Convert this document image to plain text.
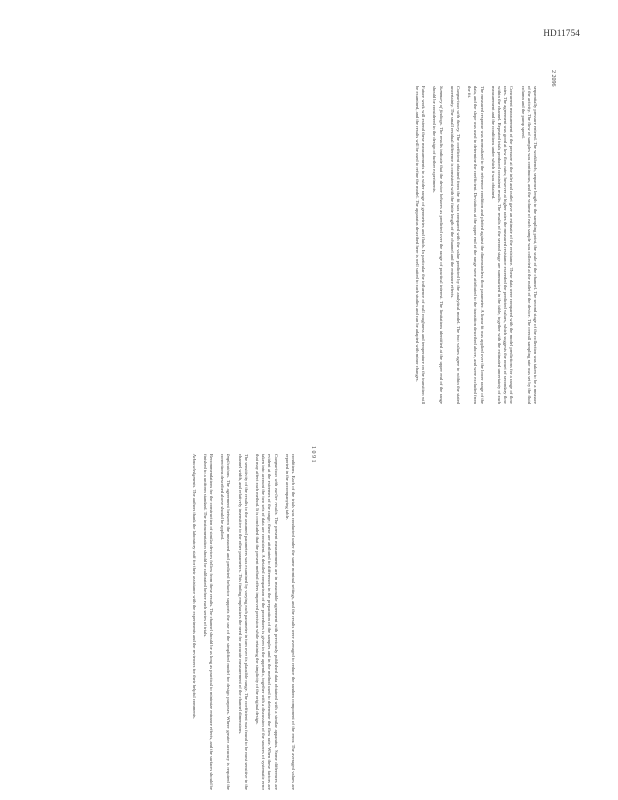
HD11754
2 2096
1 0 9 1

sequentially pressure entered. The workbench, sequence length to the sampling point, the scale of the channel. The second stage of the collection was taken to be a measure of the activity. The flow of samples was continuous, and the volume of each sample was collected at the outlet of the device. The overall sampling rate was set by the fluid column and the pump speed.

Concurrent measurement of the pressure at the inlet and outlet gave an estimate of the resistance. These data were compared with the model predictions for a range of flow rates. The agreement was good at low flow rates; however at higher rates the measured resistance exceeded the predicted values, which suggests the onset of secondary flow within the channel. Repeated trials produced consistent results. The results of the second stage are summarized in the table, together with the estimated uncertainty of each measurement and the conditions under which it was obtained.

The measured response was normalized to the reference condition and plotted against the dimensionless flow parameter. A linear fit was applied over the lower range of the data, and the slope was used to determine the coefficient. Deviations at the upper end of the range were attributed to the transition described above, and were excluded from the fit.

Comparison with theory. The coefficient obtained from the fit was compared with the value predicted by the analytical model. The two values agree to within the stated uncertainty. The small residual difference is consistent with the finite length of the channel and the entrance effects.

Summary of findings. The results indicate that the device behaves as predicted over the range of practical interest. The limitations identified at the upper end of the range should be considered in the design of further experiments.

Future work will extend these measurements to a wider range of geometries and fluids. In particular the influence of wall roughness and temperature on the transition will be examined, and the results will be used to refine the model. The apparatus described here is well suited to such studies and can be adapted with minor changes.

conditions. Each of the trials was conducted under the same nominal settings, and the results were averaged to reduce the random component of the error. The averaged values are reported in the accompanying table.

Comparison with earlier results. The present measurements are in reasonable agreement with previously published data obtained with a similar apparatus. Some differences are evident at the extremes of the range; these are attributed to differences in the preparation of the samples and in the method used to determine the flow rate. When these factors are taken into account the two sets of data are consistent. A detailed comparison of the procedures is given in the appendix, together with a discussion of the sources of systematic error that may affect each method. It is concluded that the present method offers improved precision while retaining the simplicity of the original design.

The sensitivity of the results to the assumed parameters was examined by varying each parameter in turn over its plausible range. The coefficient was found to be most sensitive to the channel width, and relatively insensitive to the other parameters. This finding emphasizes the need for accurate measurement of the channel dimensions.

Implications. The agreement between the measured and predicted behavior supports the use of the simplified model for design purposes. Where greater accuracy is required the corrections described above should be applied.

Recommendations for the construction of similar devices follow from these results. The channel should be as long as practical to minimize entrance effects, and the surfaces should be finished to a uniform standard. The instrumentation should be calibrated before each series of trials.

Acknowledgments. The authors thank the laboratory staff for their assistance with the experiments and the reviewers for their helpful comments.
